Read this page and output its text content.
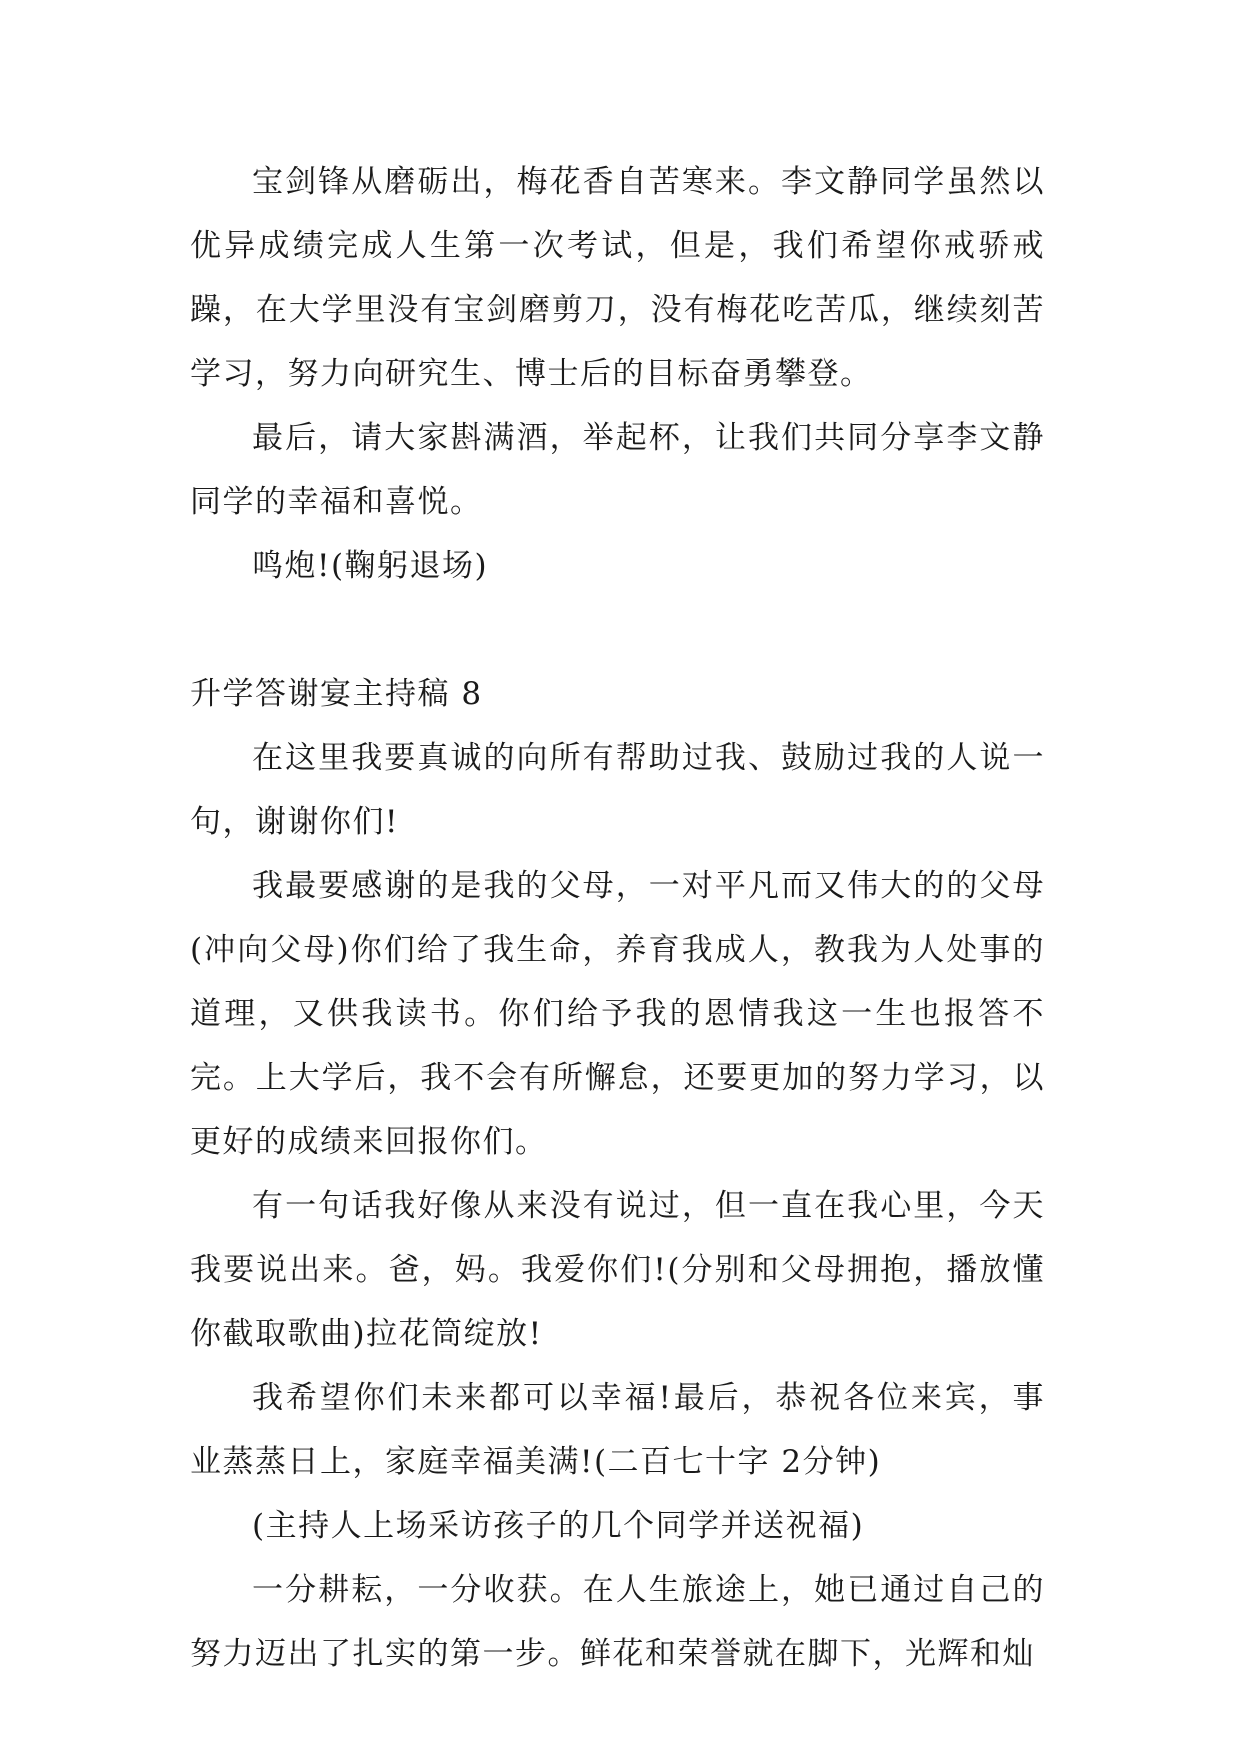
宝剑锋从磨砺出，梅花香自苦寒来。李文静同学虽然以优异成绩完成人生第一次考试，但是，我们希望你戒骄戒躁，在大学里没有宝剑磨剪刀，没有梅花吃苦瓜，继续刻苦学习，努力向研究生、博士后的目标奋勇攀登。

最后，请大家斟满酒，举起杯，让我们共同分享李文静同学的幸福和喜悦。

鸣炮!(鞠躬退场)

升学答谢宴主持稿 8

在这里我要真诚的向所有帮助过我、鼓励过我的人说一句，谢谢你们!

我最要感谢的是我的父母，一对平凡而又伟大的的父母(冲向父母)你们给了我生命，养育我成人，教我为人处事的道理，又供我读书。你们给予我的恩情我这一生也报答不完。上大学后，我不会有所懈怠，还要更加的努力学习，以更好的成绩来回报你们。

有一句话我好像从来没有说过，但一直在我心里，今天我要说出来。爸，妈。我爱你们!(分别和父母拥抱，播放懂你截取歌曲)拉花筒绽放!

我希望你们未来都可以幸福!最后，恭祝各位来宾，事业蒸蒸日上，家庭幸福美满!(二百七十字 2分钟)

(主持人上场采访孩子的几个同学并送祝福)

一分耕耘，一分收获。在人生旅途上，她已通过自己的努力迈出了扎实的第一步。鲜花和荣誉就在脚下，光辉和灿
